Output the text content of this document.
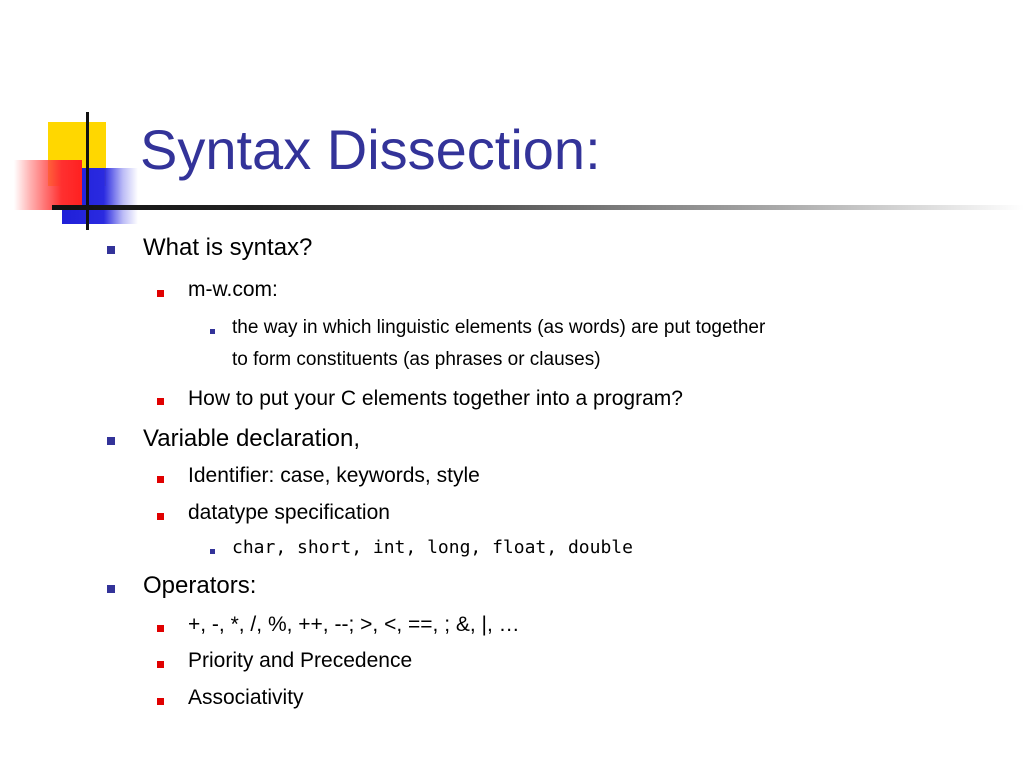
Syntax Dissection:
What is syntax?
m-w.com:
the way in which linguistic elements (as words) are put together
to form constituents (as phrases or clauses)
How to put your C elements together into a program?
Variable declaration,
Identifier: case, keywords, style
datatype specification
char, short, int, long, float, double
Operators:
+, -, *, /, %, ++, --; >, <, ==, ; &, |, …
Priority and Precedence
Associativity
